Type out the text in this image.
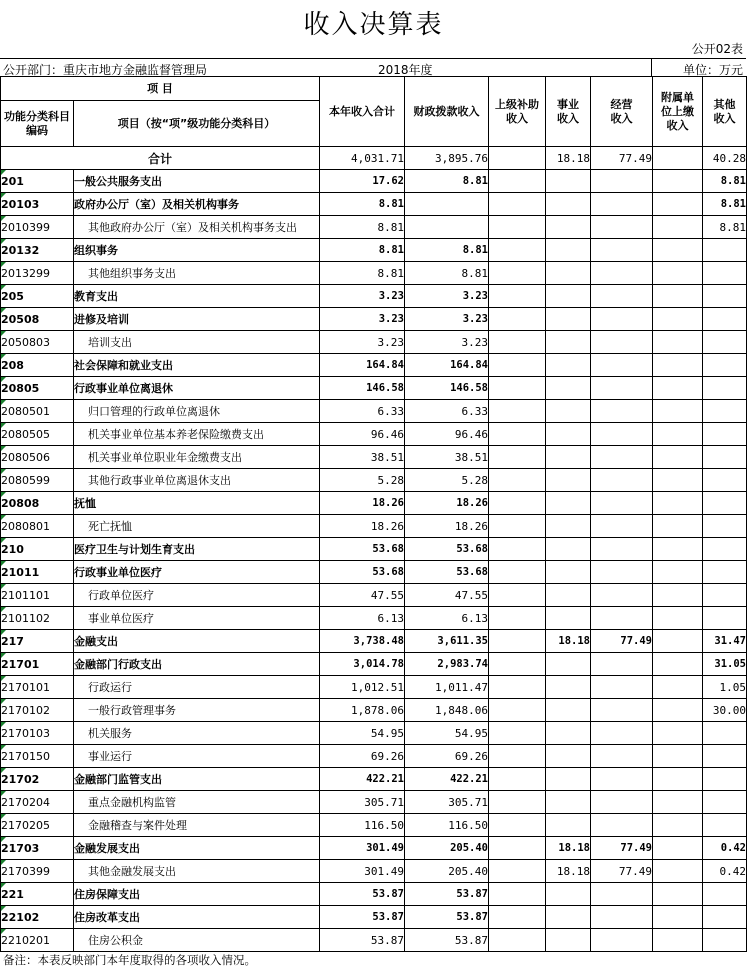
收入决算表
公开02表
公开部门：重庆市地方金融监督管理局	2018年度	单位：万元
项 目		本年收入合计	财政拨款收入	上级补助收入	事业收入	经营收入	附属单位上缴收入	其他收入
功能分类科目编码	项目（按“项”级功能分类科目）							
合计		4,031.71	3,895.76		18.18	77.49		40.28
201	一般公共服务支出	17.62	8.81					8.81
20103	政府办公厅（室）及相关机构事务	8.81						8.81
2010399	其他政府办公厅（室）及相关机构事务支出	8.81						8.81
20132	组织事务	8.81	8.81					
2013299	其他组织事务支出	8.81	8.81					
205	教育支出	3.23	3.23					
20508	进修及培训	3.23	3.23					
2050803	培训支出	3.23	3.23					
208	社会保障和就业支出	164.84	164.84					
20805	行政事业单位离退休	146.58	146.58					
2080501	归口管理的行政单位离退休	6.33	6.33					
2080505	机关事业单位基本养老保险缴费支出	96.46	96.46					
2080506	机关事业单位职业年金缴费支出	38.51	38.51					
2080599	其他行政事业单位离退休支出	5.28	5.28					
20808	抚恤	18.26	18.26					
2080801	死亡抚恤	18.26	18.26					
210	医疗卫生与计划生育支出	53.68	53.68					
21011	行政事业单位医疗	53.68	53.68					
2101101	行政单位医疗	47.55	47.55					
2101102	事业单位医疗	6.13	6.13					
217	金融支出	3,738.48	3,611.35		18.18	77.49		31.47
21701	金融部门行政支出	3,014.78	2,983.74					31.05
2170101	行政运行	1,012.51	1,011.47					1.05
2170102	一般行政管理事务	1,878.06	1,848.06					30.00
2170103	机关服务	54.95	54.95					
2170150	事业运行	69.26	69.26					
21702	金融部门监管支出	422.21	422.21					
2170204	重点金融机构监管	305.71	305.71					
2170205	金融稽查与案件处理	116.50	116.50					
21703	金融发展支出	301.49	205.40		18.18	77.49		0.42
2170399	其他金融发展支出	301.49	205.40		18.18	77.49		0.42
221	住房保障支出	53.87	53.87					
22102	住房改革支出	53.87	53.87					
2210201	住房公积金	53.87	53.87					
备注：本表反映部门本年度取得的各项收入情况。
